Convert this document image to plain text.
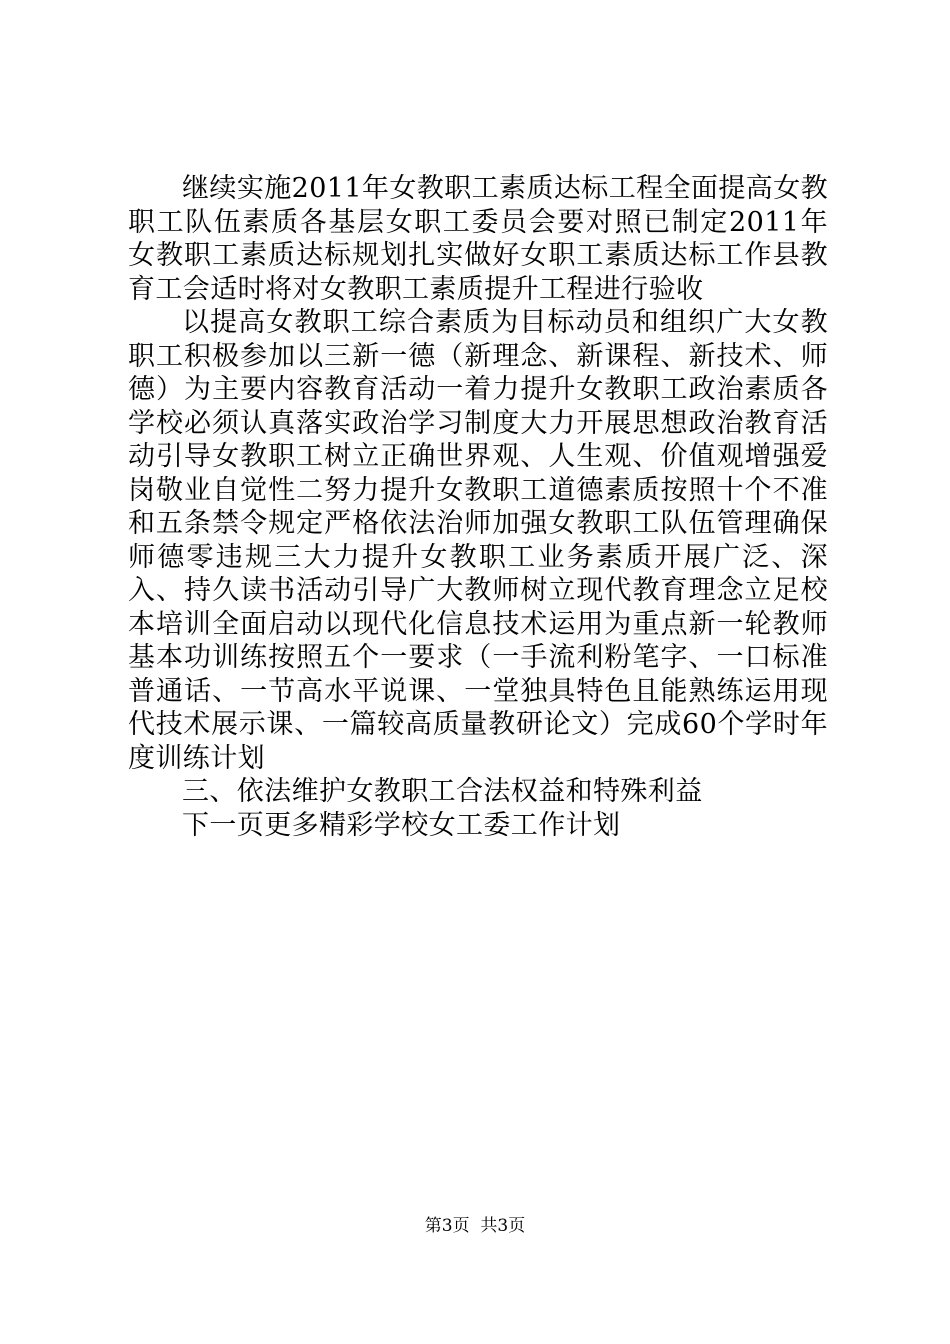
继续实施2011年女教职工素质达标工程全面提高女教职工队伍素质各基层女职工委员会要对照已制定2011年女教职工素质达标规划扎实做好女职工素质达标工作县教育工会适时将对女教职工素质提升工程进行验收

以提高女教职工综合素质为目标动员和组织广大女教职工积极参加以三新一德（新理念、新课程、新技术、师德）为主要内容教育活动一着力提升女教职工政治素质各学校必须认真落实政治学习制度大力开展思想政治教育活动引导女教职工树立正确世界观、人生观、价值观增强爱岗敬业自觉性二努力提升女教职工道德素质按照十个不准和五条禁令规定严格依法治师加强女教职工队伍管理确保师德零违规三大力提升女教职工业务素质开展广泛、深入、持久读书活动引导广大教师树立现代教育理念立足校本培训全面启动以现代化信息技术运用为重点新一轮教师基本功训练按照五个一要求（一手流利粉笔字、一口标准普通话、一节高水平说课、一堂独具特色且能熟练运用现代技术展示课、一篇较高质量教研论文）完成60个学时年度训练计划

三、依法维护女教职工合法权益和特殊利益

下一页更多精彩学校女工委工作计划

第3页  共3页
